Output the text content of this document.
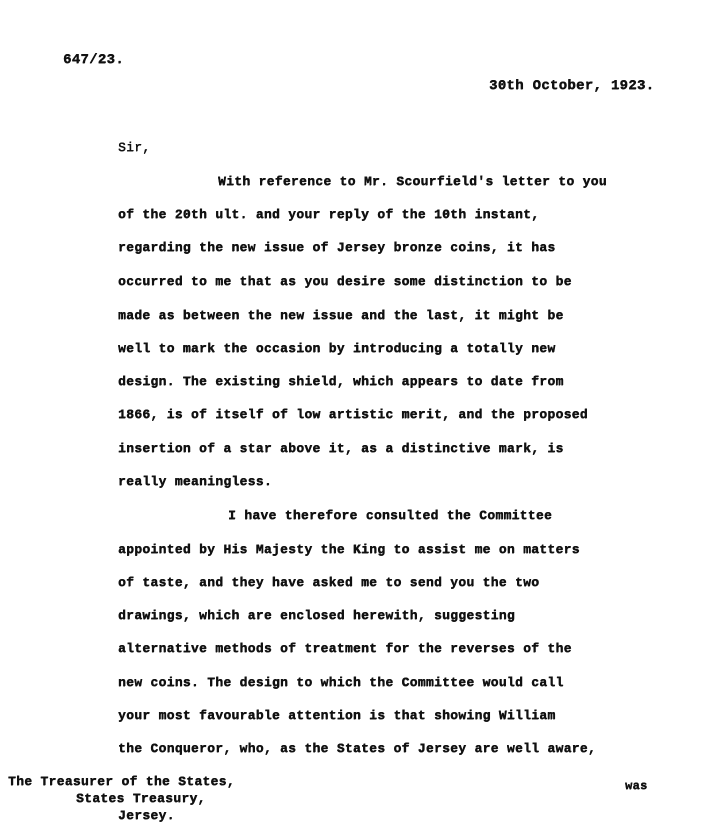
647/23.
30th October, 1923.
Sir,
With reference to Mr. Scourfield's letter to you
of the 20th ult. and your reply of the 10th instant,
regarding the new issue of Jersey bronze coins, it has
occurred to me that as you desire some distinction to be
made as between the new issue and the last, it might be
well to mark the occasion by introducing a totally new
design. The existing shield, which appears to date from
1866, is of itself of low artistic merit, and the proposed
insertion of a star above it, as a distinctive mark, is
really meaningless.
I have therefore consulted the Committee
appointed by His Majesty the King to assist me on matters
of taste, and they have asked me to send you the two
drawings, which are enclosed herewith, suggesting
alternative methods of treatment for the reverses of the
new coins. The design to which the Committee would call
your most favourable attention is that showing William
the Conqueror, who, as the States of Jersey are well aware,
The Treasurer of the States,
States Treasury,
Jersey.
was
